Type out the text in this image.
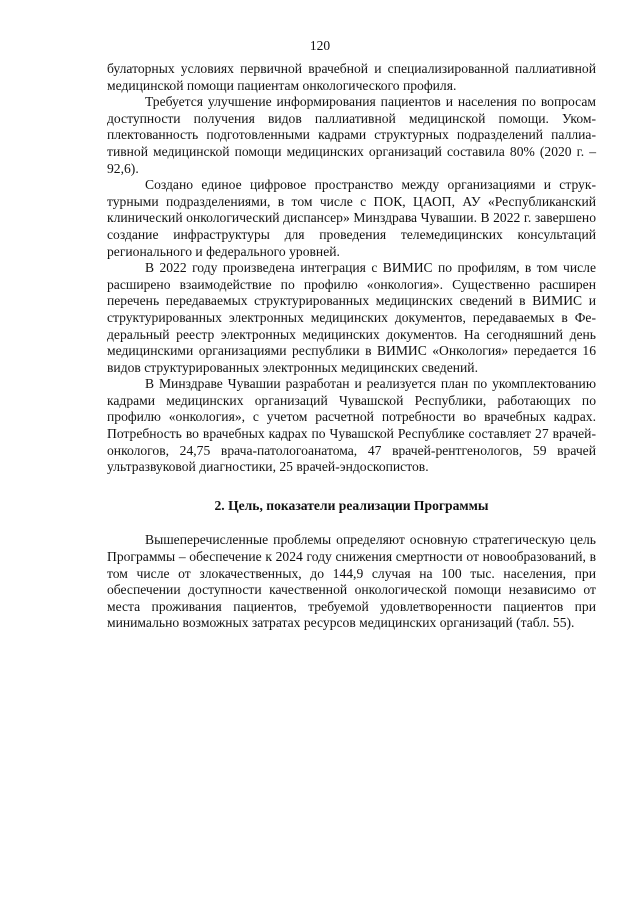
120

булаторных условиях первичной врачебной и специализированной паллиативной медицинской помощи пациентам онкологического профиля.

Требуется улучшение информирования пациентов и населения по вопросам доступности получения видов паллиативной медицинской помощи. Укомплектованность подготовленными кадрами структурных подразделений паллиативной медицинской помощи медицинских организаций составила 80% (2020 г. – 92,6).

Создано единое цифровое пространство между организациями и структурными подразделениями, в том числе с ПОК, ЦАОП, АУ «Республиканский клинический онкологический диспансер» Минздрава Чувашии. В 2022 г. завершено создание инфраструктуры для проведения телемедицинских консультаций регионального и федерального уровней.

В 2022 году произведена интеграция с ВИМИС по профилям, в том числе расширено взаимодействие по профилю «онкология». Существенно расширен перечень передаваемых структурированных медицинских сведений в ВИМИС и структурированных электронных медицинских документов, передаваемых в Федеральный реестр электронных медицинских документов. На сегодняшний день медицинскими организациями республики в ВИМИС «Онкология» передается 16 видов структурированных электронных медицинских сведений.

В Минздраве Чувашии разработан и реализуется план по укомплектованию кадрами медицинских организаций Чувашской Республики, работающих по профилю «онкология», с учетом расчетной потребности во врачебных кадрах. Потребность во врачебных кадрах по Чувашской Республике составляет 27 врачей-онкологов, 24,75 врача-патологоанатома, 47 врачей-рентгенологов, 59 врачей ультразвуковой диагностики, 25 врачей-эндоскопистов.

2. Цель, показатели реализации Программы

Вышеперечисленные проблемы определяют основную стратегическую цель Программы – обеспечение к 2024 году снижения смертности от новообразований, в том числе от злокачественных, до 144,9 случая на 100 тыс. населения, при обеспечении доступности качественной онкологической помощи независимо от места проживания пациентов, требуемой удовлетворенности пациентов при минимально возможных затратах ресурсов медицинских организаций (табл. 55).
